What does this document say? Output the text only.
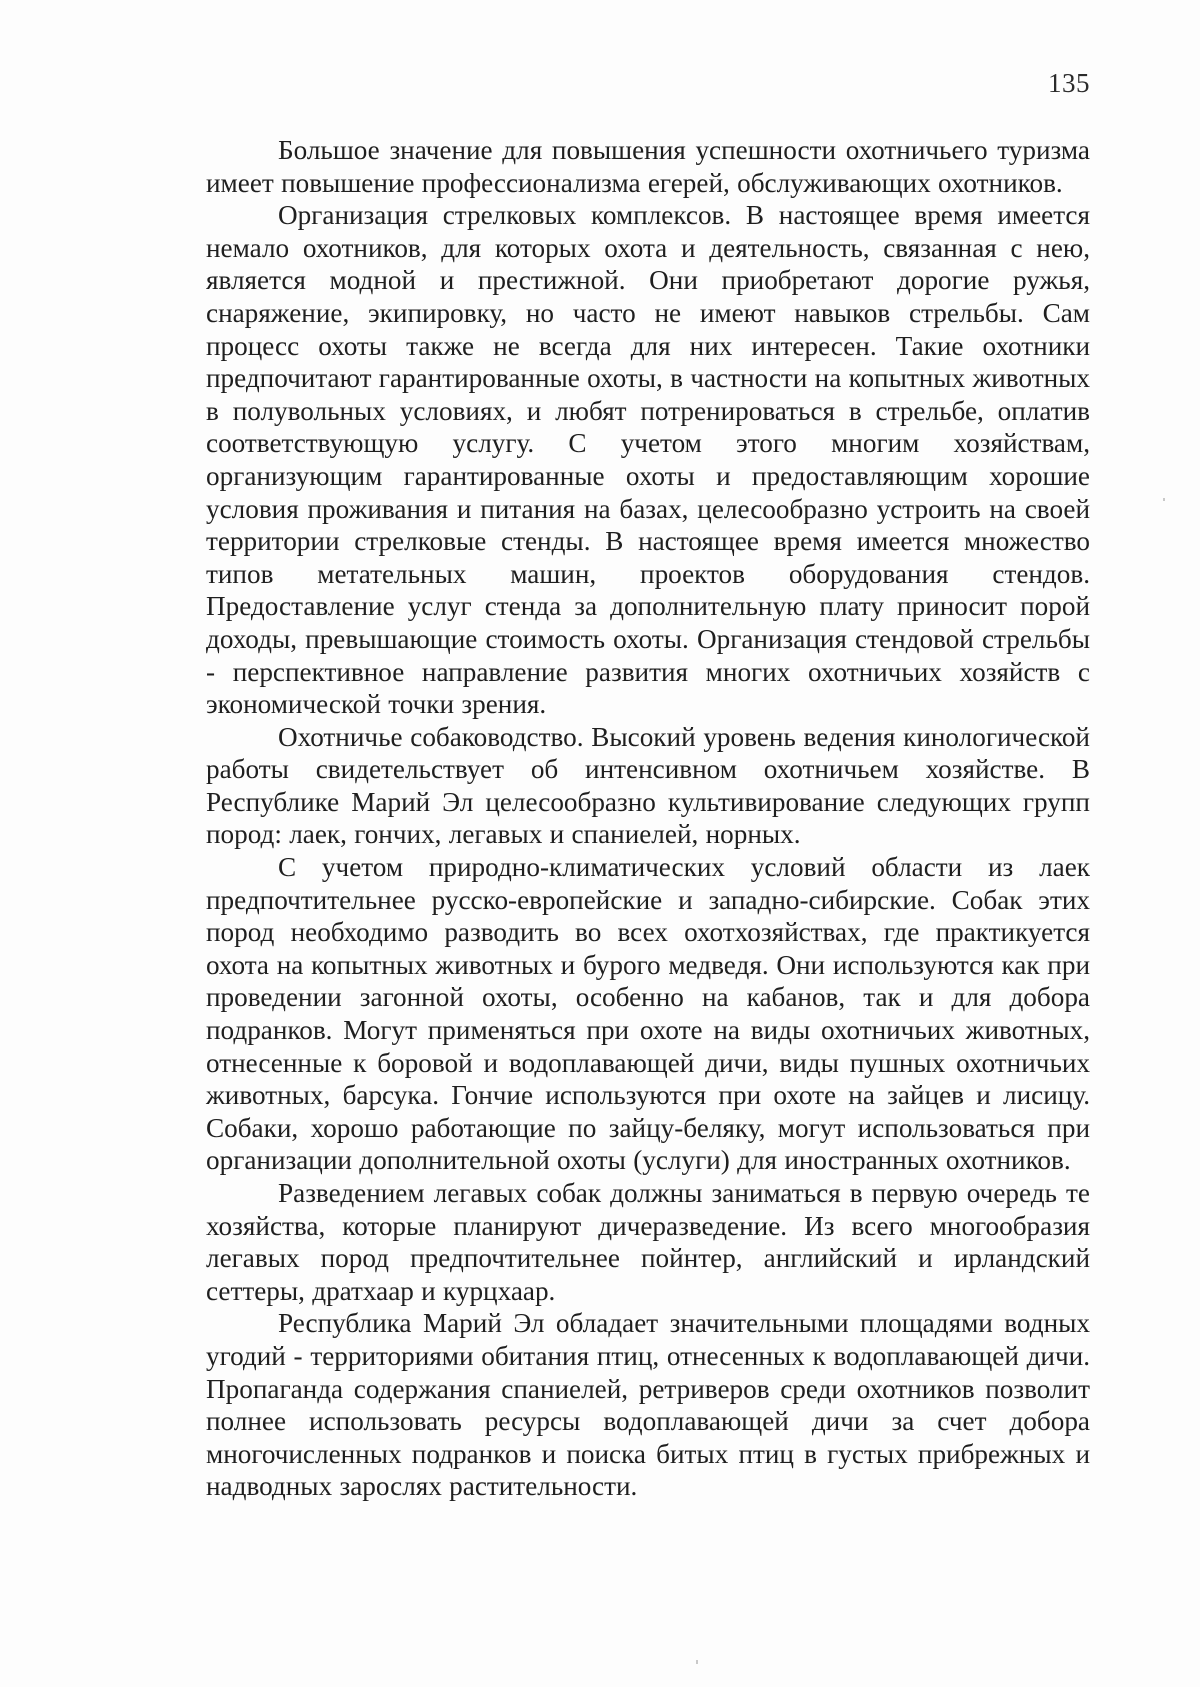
135

Большое значение для повышения успешности охотничьего туризма имеет повышение профессионализма егерей, обслуживающих охотников.

Организация стрелковых комплексов. В настоящее время имеется немало охотников, для которых охота и деятельность, связанная с нею, является модной и престижной. Они приобретают дорогие ружья, снаряжение, экипировку, но часто не имеют навыков стрельбы. Сам процесс охоты также не всегда для них интересен. Такие охотники предпочитают гарантированные охоты, в частности на копытных животных в полувольных условиях, и любят потренироваться в стрельбе, оплатив соответствующую услугу. С учетом этого многим хозяйствам, организующим гарантированные охоты и предоставляющим хорошие условия проживания и питания на базах, целесообразно устроить на своей территории стрелковые стенды. В настоящее время имеется множество типов метательных машин, проектов оборудования стендов. Предоставление услуг стенда за дополнительную плату приносит порой доходы, превышающие стоимость охоты. Организация стендовой стрельбы - перспективное направление развития многих охотничьих хозяйств с экономической точки зрения.

Охотничье собаководство. Высокий уровень ведения кинологической работы свидетельствует об интенсивном охотничьем хозяйстве. В Республике Марий Эл целесообразно культивирование следующих групп пород: лаек, гончих, легавых и спаниелей, норных.

С учетом природно-климатических условий области из лаек предпочтительнее русско-европейские и западно-сибирские. Собак этих пород необходимо разводить во всех охотхозяйствах, где практикуется охота на копытных животных и бурого медведя. Они используются как при проведении загонной охоты, особенно на кабанов, так и для добора подранков. Могут применяться при охоте на виды охотничьих животных, отнесенные к боровой и водоплавающей дичи, виды пушных охотничьих животных, барсука. Гончие используются при охоте на зайцев и лисицу. Собаки, хорошо работающие по зайцу-беляку, могут использоваться при организации дополнительной охоты (услуги) для иностранных охотников.

Разведением легавых собак должны заниматься в первую очередь те хозяйства, которые планируют дичеразведение. Из всего многообразия легавых пород предпочтительнее пойнтер, английский и ирландский сеттеры, дратхаар и курцхаар.

Республика Марий Эл обладает значительными площадями водных угодий - территориями обитания птиц, отнесенных к водоплавающей дичи. Пропаганда содержания спаниелей, ретриверов среди охотников позволит полнее использовать ресурсы водоплавающей дичи за счет добора многочисленных подранков и поиска битых птиц в густых прибрежных и надводных зарослях растительности.
